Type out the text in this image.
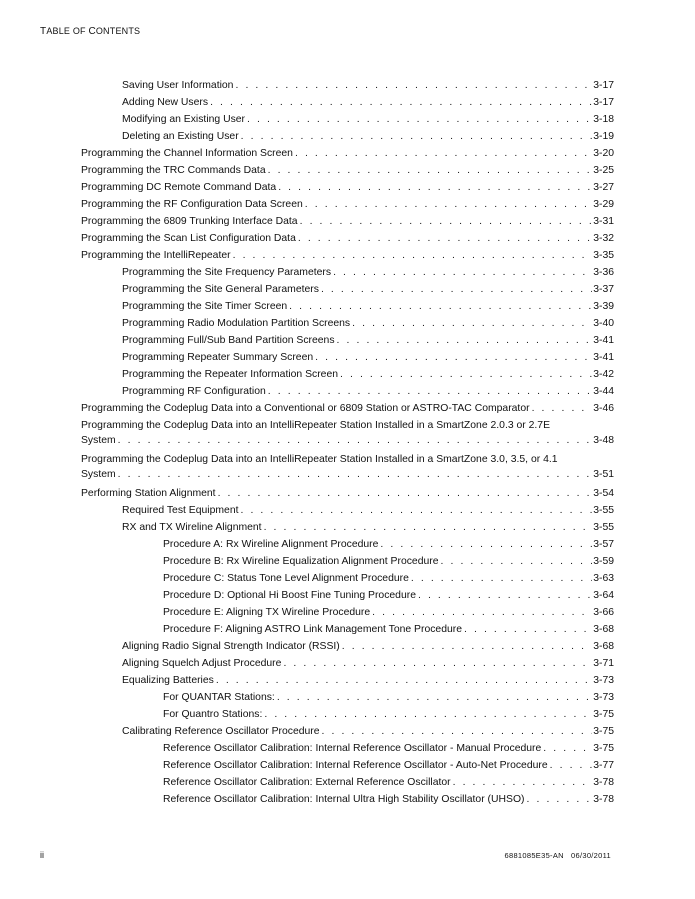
TABLE OF CONTENTS
Saving User Information . . .	3-17
Adding New Users . . .	3-17
Modifying an Existing User . . .	3-18
Deleting an Existing User . . .	3-19
Programming the Channel Information Screen . . .	3-20
Programming the TRC Commands Data . . .	3-25
Programming DC Remote Command Data . . .	3-27
Programming the RF Configuration Data Screen . . .	3-29
Programming the 6809 Trunking Interface Data . . .	3-31
Programming the Scan List Configuration Data . . .	3-32
Programming the IntelliRepeater . . .	3-35
Programming the Site Frequency Parameters . . .	3-36
Programming the Site General Parameters . . .	3-37
Programming the Site Timer Screen . . .	3-39
Programming Radio Modulation Partition Screens . . .	3-40
Programming Full/Sub Band Partition Screens . . .	3-41
Programming Repeater Summary Screen . . .	3-41
Programming the Repeater Information Screen . . .	3-42
Programming RF Configuration . . .	3-44
Programming the Codeplug Data into a Conventional or 6809 Station or ASTRO-TAC Comparator . . .	3-46
Programming the Codeplug Data into an IntelliRepeater Station Installed in a SmartZone 2.0.3 or 2.7E
System . . .	3-48
Programming the Codeplug Data into an IntelliRepeater Station Installed in a SmartZone 3.0, 3.5, or 4.1
System . . .	3-51
Performing Station Alignment . . .	3-54
Required Test Equipment . . .	3-55
RX and TX Wireline Alignment . . .	3-55
Procedure A: Rx Wireline Alignment Procedure . . .	3-57
Procedure B: Rx Wireline Equalization Alignment Procedure . . .	3-59
Procedure C: Status Tone Level Alignment Procedure . . .	3-63
Procedure D: Optional Hi Boost Fine Tuning Procedure . . .	3-64
Procedure E: Aligning TX Wireline Procedure . . .	3-66
Procedure F: Aligning ASTRO Link Management Tone Procedure . . .	3-68
Aligning Radio Signal Strength Indicator (RSSI) . . .	3-68
Aligning Squelch Adjust Procedure . . .	3-71
Equalizing Batteries . . .	3-73
For QUANTAR Stations: . . .	3-73
For Quantro Stations: . . .	3-75
Calibrating Reference Oscillator Procedure . . .	3-75
Reference Oscillator Calibration: Internal Reference Oscillator - Manual Procedure . . .	3-75
Reference Oscillator Calibration: Internal Reference Oscillator - Auto-Net Procedure . . .	3-77
Reference Oscillator Calibration: External Reference Oscillator . . .	3-78
Reference Oscillator Calibration: Internal Ultra High Stability Oscillator (UHSO) . . .	3-78
ii	6881085E35-AN 06/30/2011
